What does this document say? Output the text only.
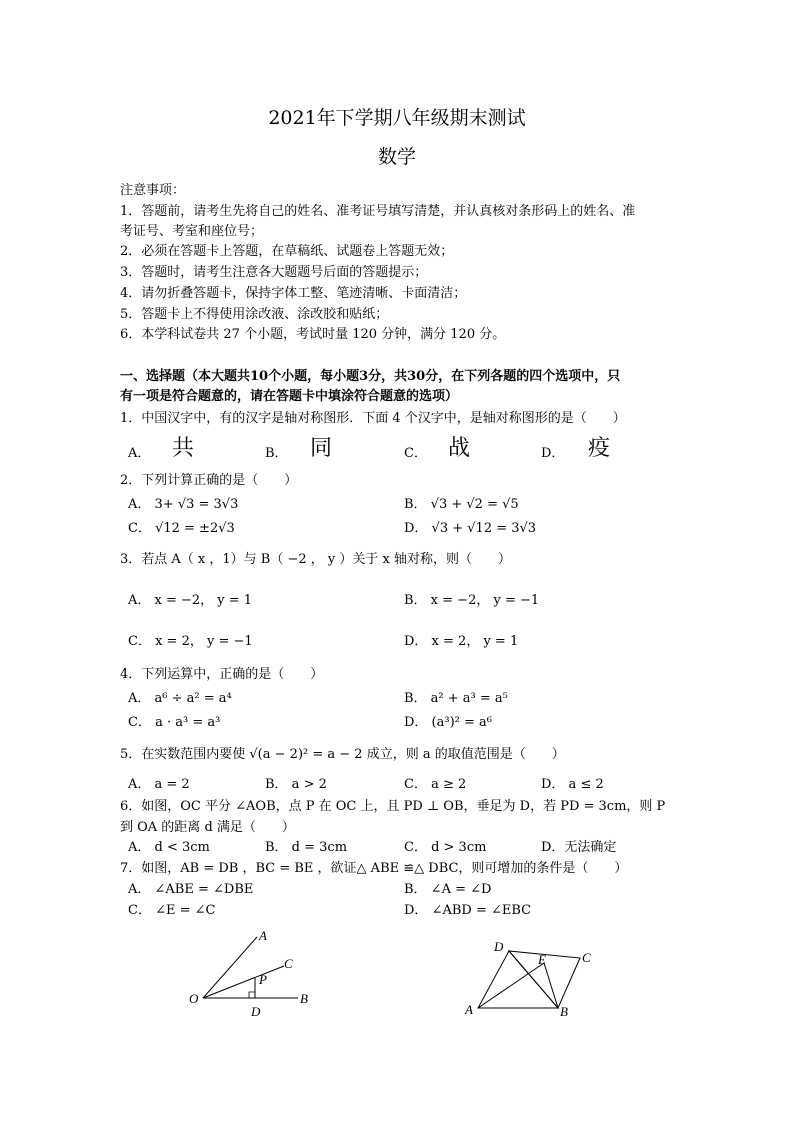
2021年下学期八年级期末测试
数学
注意事项：
1．答题前，请考生先将自己的姓名、准考证号填写清楚，并认真核对条形码上的姓名、准
考证号、考室和座位号；
2．必须在答题卡上答题，在草稿纸、试题卷上答题无效；
3．答题时，请考生注意各大题题号后面的答题提示；
4．请勿折叠答题卡，保持字体工整、笔迹清晰、卡面清洁；
5．答题卡上不得使用涂改液、涂改胶和贴纸；
6．本学科试卷共 27 个小题，考试时量 120 分钟，满分 120 分。
一、选择题（本大题共10个小题，每小题3分，共30分，在下列各题的四个选项中，只
有一项是符合题意的，请在答题卡中填涂符合题意的选项）
1．中国汉字中，有的汉字是轴对称图形．下面 4 个汉字中，是轴对称图形的是（　　）
A． 共	B． 同	C． 战	D． 疫
2．下列计算正确的是（　　）
A． 3+ √3 = 3√3	B． √3 + √2 = √5
C． √12 = ±2√3	D． √3 + √12 = 3√3
3．若点 A（ x ，1）与 B（ −2 ， y ）关于 x 轴对称，则（　　）
A． x = −2， y = 1	B． x = −2， y = −1
C． x = 2， y = −1	D． x = 2， y = 1
4．下列运算中，正确的是（　　）
A． a⁶ ÷ a² = a⁴	B． a² + a³ = a⁵
C． a · a³ = a³	D． (a³)² = a⁶
5．在实数范围内要使 √(a − 2)² = a − 2 成立，则 a 的取值范围是（　　）
A． a = 2	B． a > 2	C． a ≥ 2	D． a ≤ 2
6．如图，OC 平分 ∠AOB，点 P 在 OC 上，且 PD ⊥ OB，垂足为 D，若 PD = 3cm，则 P
到 OA 的距离 d 满足（　　）
A． d < 3cm	B． d = 3cm	C． d > 3cm	D．无法确定
7．如图，AB = DB ，BC = BE ，欲证△ ABE ≌△ DBC，则可增加的条件是（　　）
A． ∠ABE = ∠DBE	B． ∠A = ∠D
C． ∠E = ∠C	D． ∠ABD = ∠EBC
A
C
P
O	B
D
D
E	C
A	B
